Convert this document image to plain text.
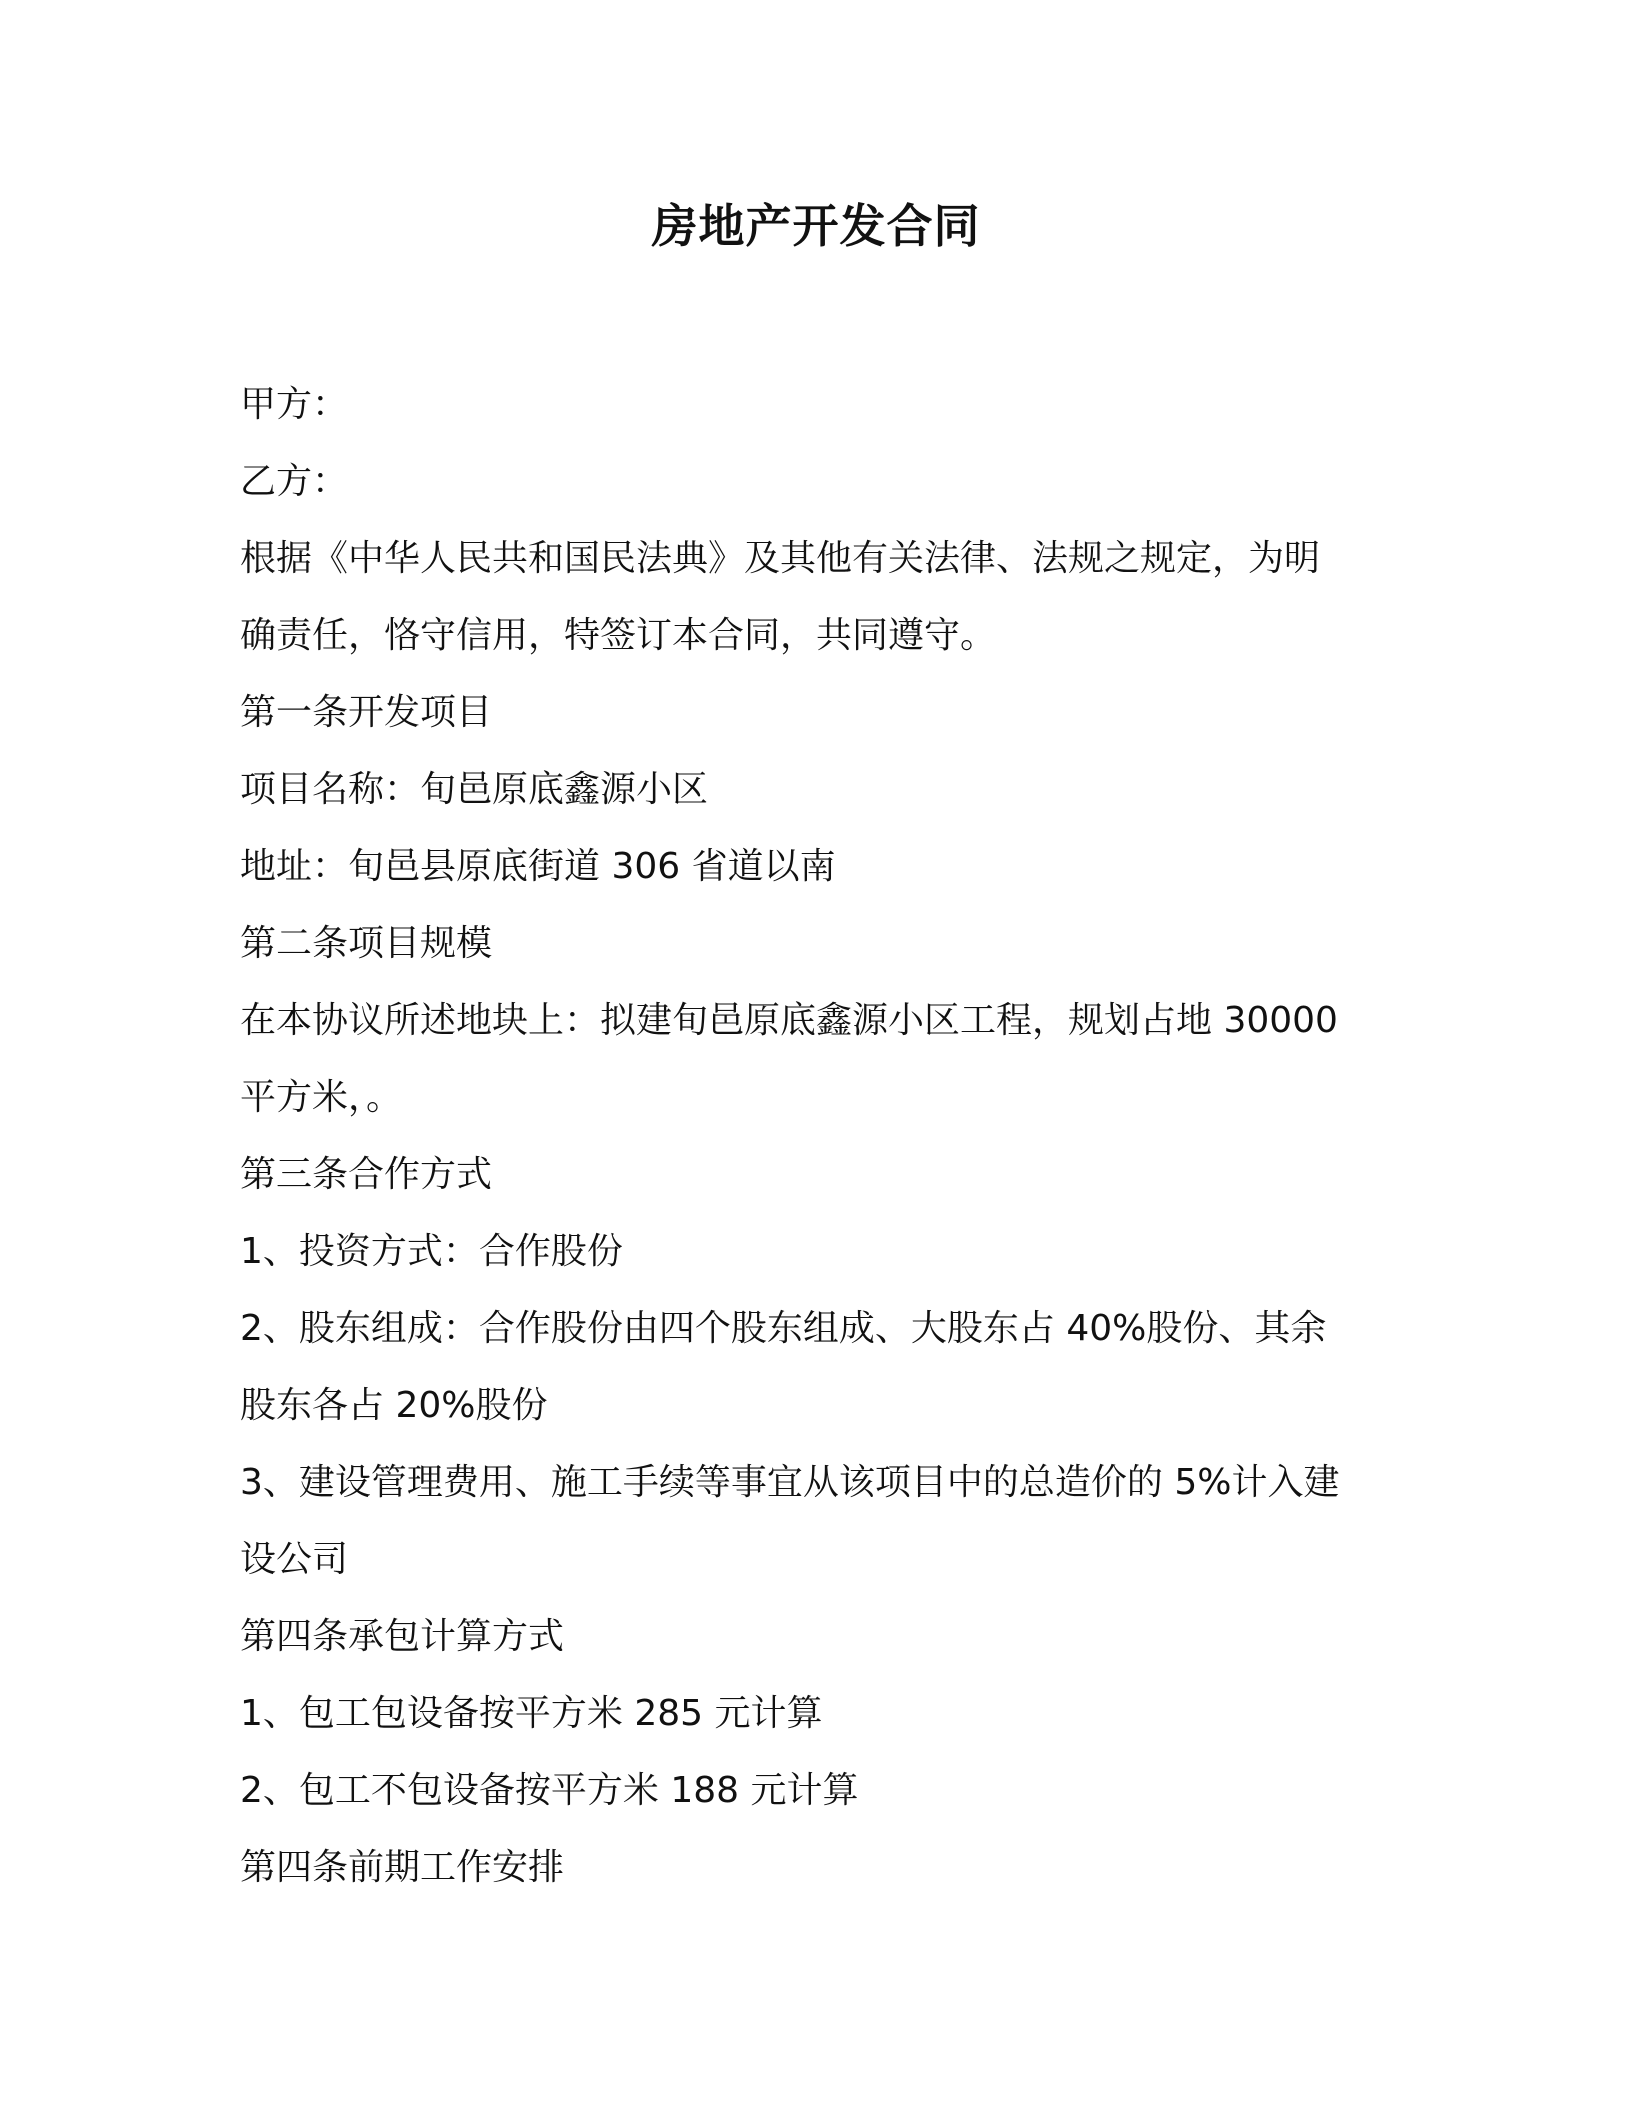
房地产开发合同
甲方：
乙方：
根据《中华人民共和国民法典》及其他有关法律、法规之规定，为明
确责任，恪守信用，特签订本合同，共同遵守。
第一条开发项目
项目名称：旬邑原底鑫源小区
地址：旬邑县原底街道 306 省道以南
第二条项目规模
在本协议所述地块上：拟建旬邑原底鑫源小区工程，规划占地 30000
平方米，。
第三条合作方式
1、投资方式：合作股份
2、股东组成：合作股份由四个股东组成、大股东占 40%股份、其余
股东各占 20%股份
3、建设管理费用、施工手续等事宜从该项目中的总造价的 5%计入建
设公司
第四条承包计算方式
1、包工包设备按平方米 285 元计算
2、包工不包设备按平方米 188 元计算
第四条前期工作安排
